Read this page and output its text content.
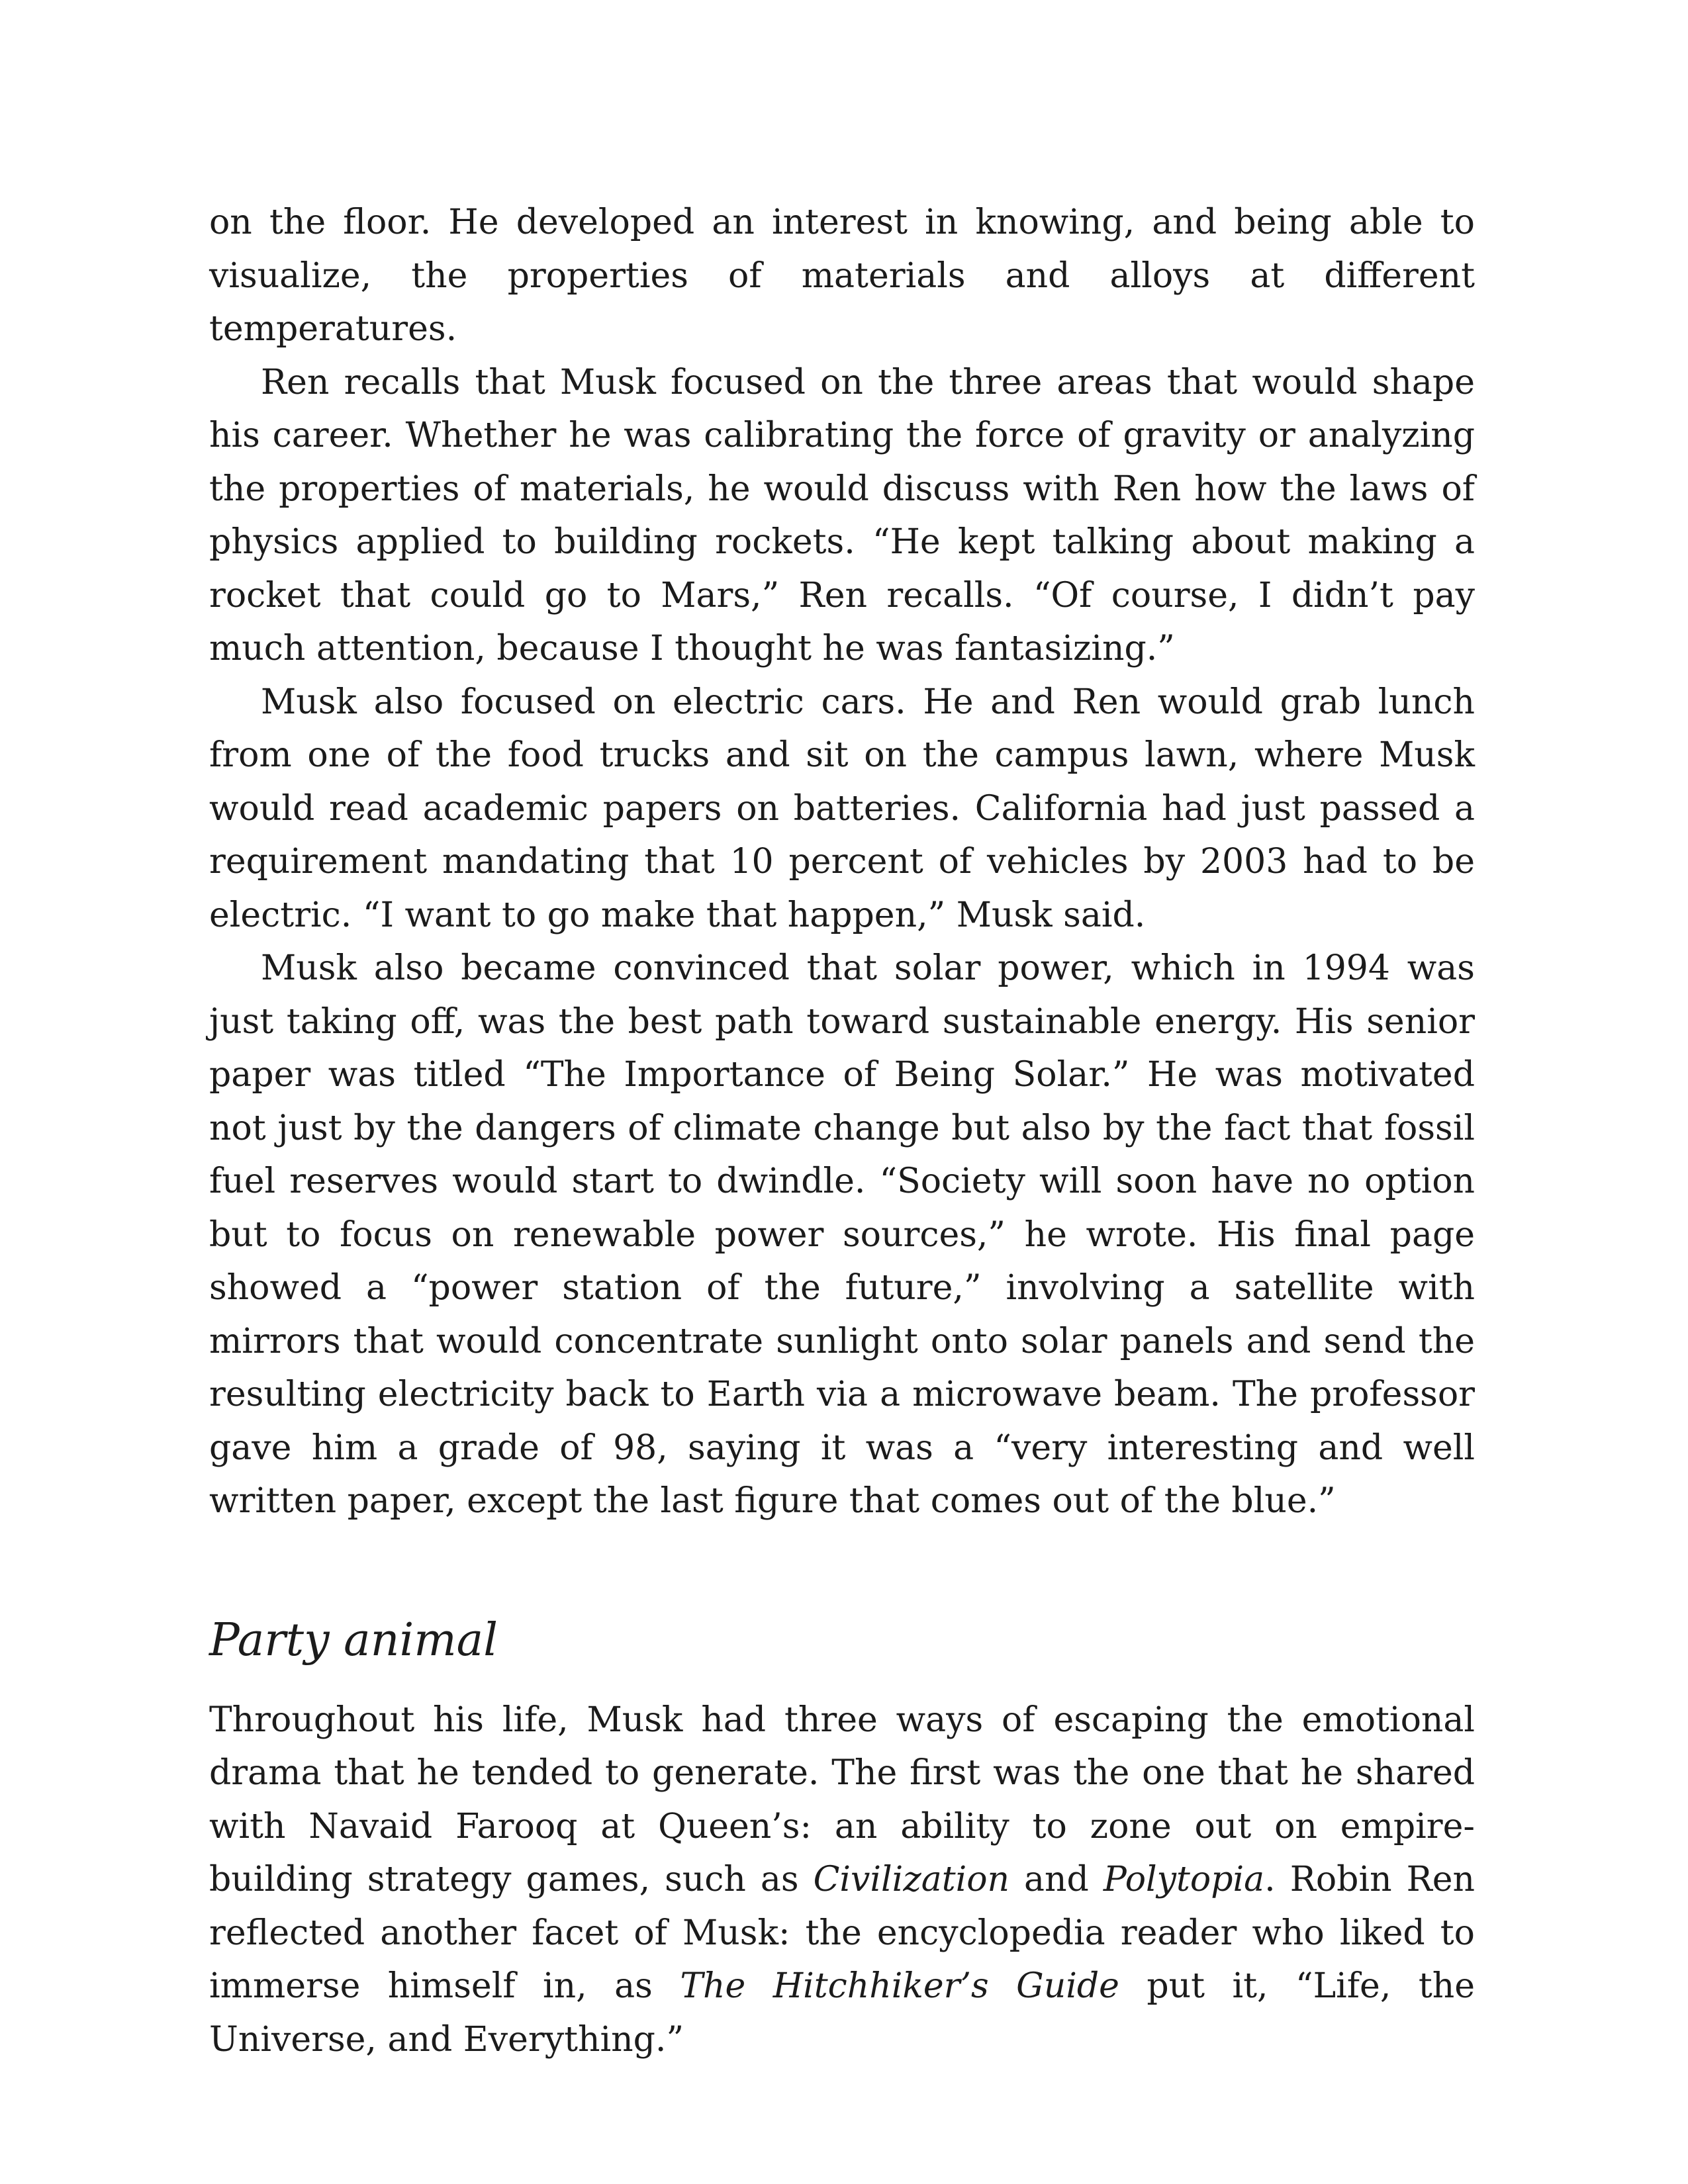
on the floor. He developed an interest in knowing, and being able to visualize, the properties of materials and alloys at different temperatures.

Ren recalls that Musk focused on the three areas that would shape his career. Whether he was calibrating the force of gravity or analyzing the properties of materials, he would discuss with Ren how the laws of physics applied to building rockets. “He kept talking about making a rocket that could go to Mars,” Ren recalls. “Of course, I didn’t pay much attention, because I thought he was fantasizing.”

Musk also focused on electric cars. He and Ren would grab lunch from one of the food trucks and sit on the campus lawn, where Musk would read academic papers on batteries. California had just passed a requirement mandating that 10 percent of vehicles by 2003 had to be electric. “I want to go make that happen,” Musk said.

Musk also became convinced that solar power, which in 1994 was just taking off, was the best path toward sustainable energy. His senior paper was titled “The Importance of Being Solar.” He was motivated not just by the dangers of climate change but also by the fact that fossil fuel reserves would start to dwindle. “Society will soon have no option but to focus on renewable power sources,” he wrote. His final page showed a “power station of the future,” involving a satellite with mirrors that would concentrate sunlight onto solar panels and send the resulting electricity back to Earth via a microwave beam. The professor gave him a grade of 98, saying it was a “very interesting and well written paper, except the last figure that comes out of the blue.”

Party animal

Throughout his life, Musk had three ways of escaping the emotional drama that he tended to generate. The first was the one that he shared with Navaid Farooq at Queen’s: an ability to zone out on empire-building strategy games, such as Civilization and Polytopia. Robin Ren reflected another facet of Musk: the encyclopedia reader who liked to immerse himself in, as The Hitchhiker’s Guide put it, “Life, the Universe, and Everything.”
